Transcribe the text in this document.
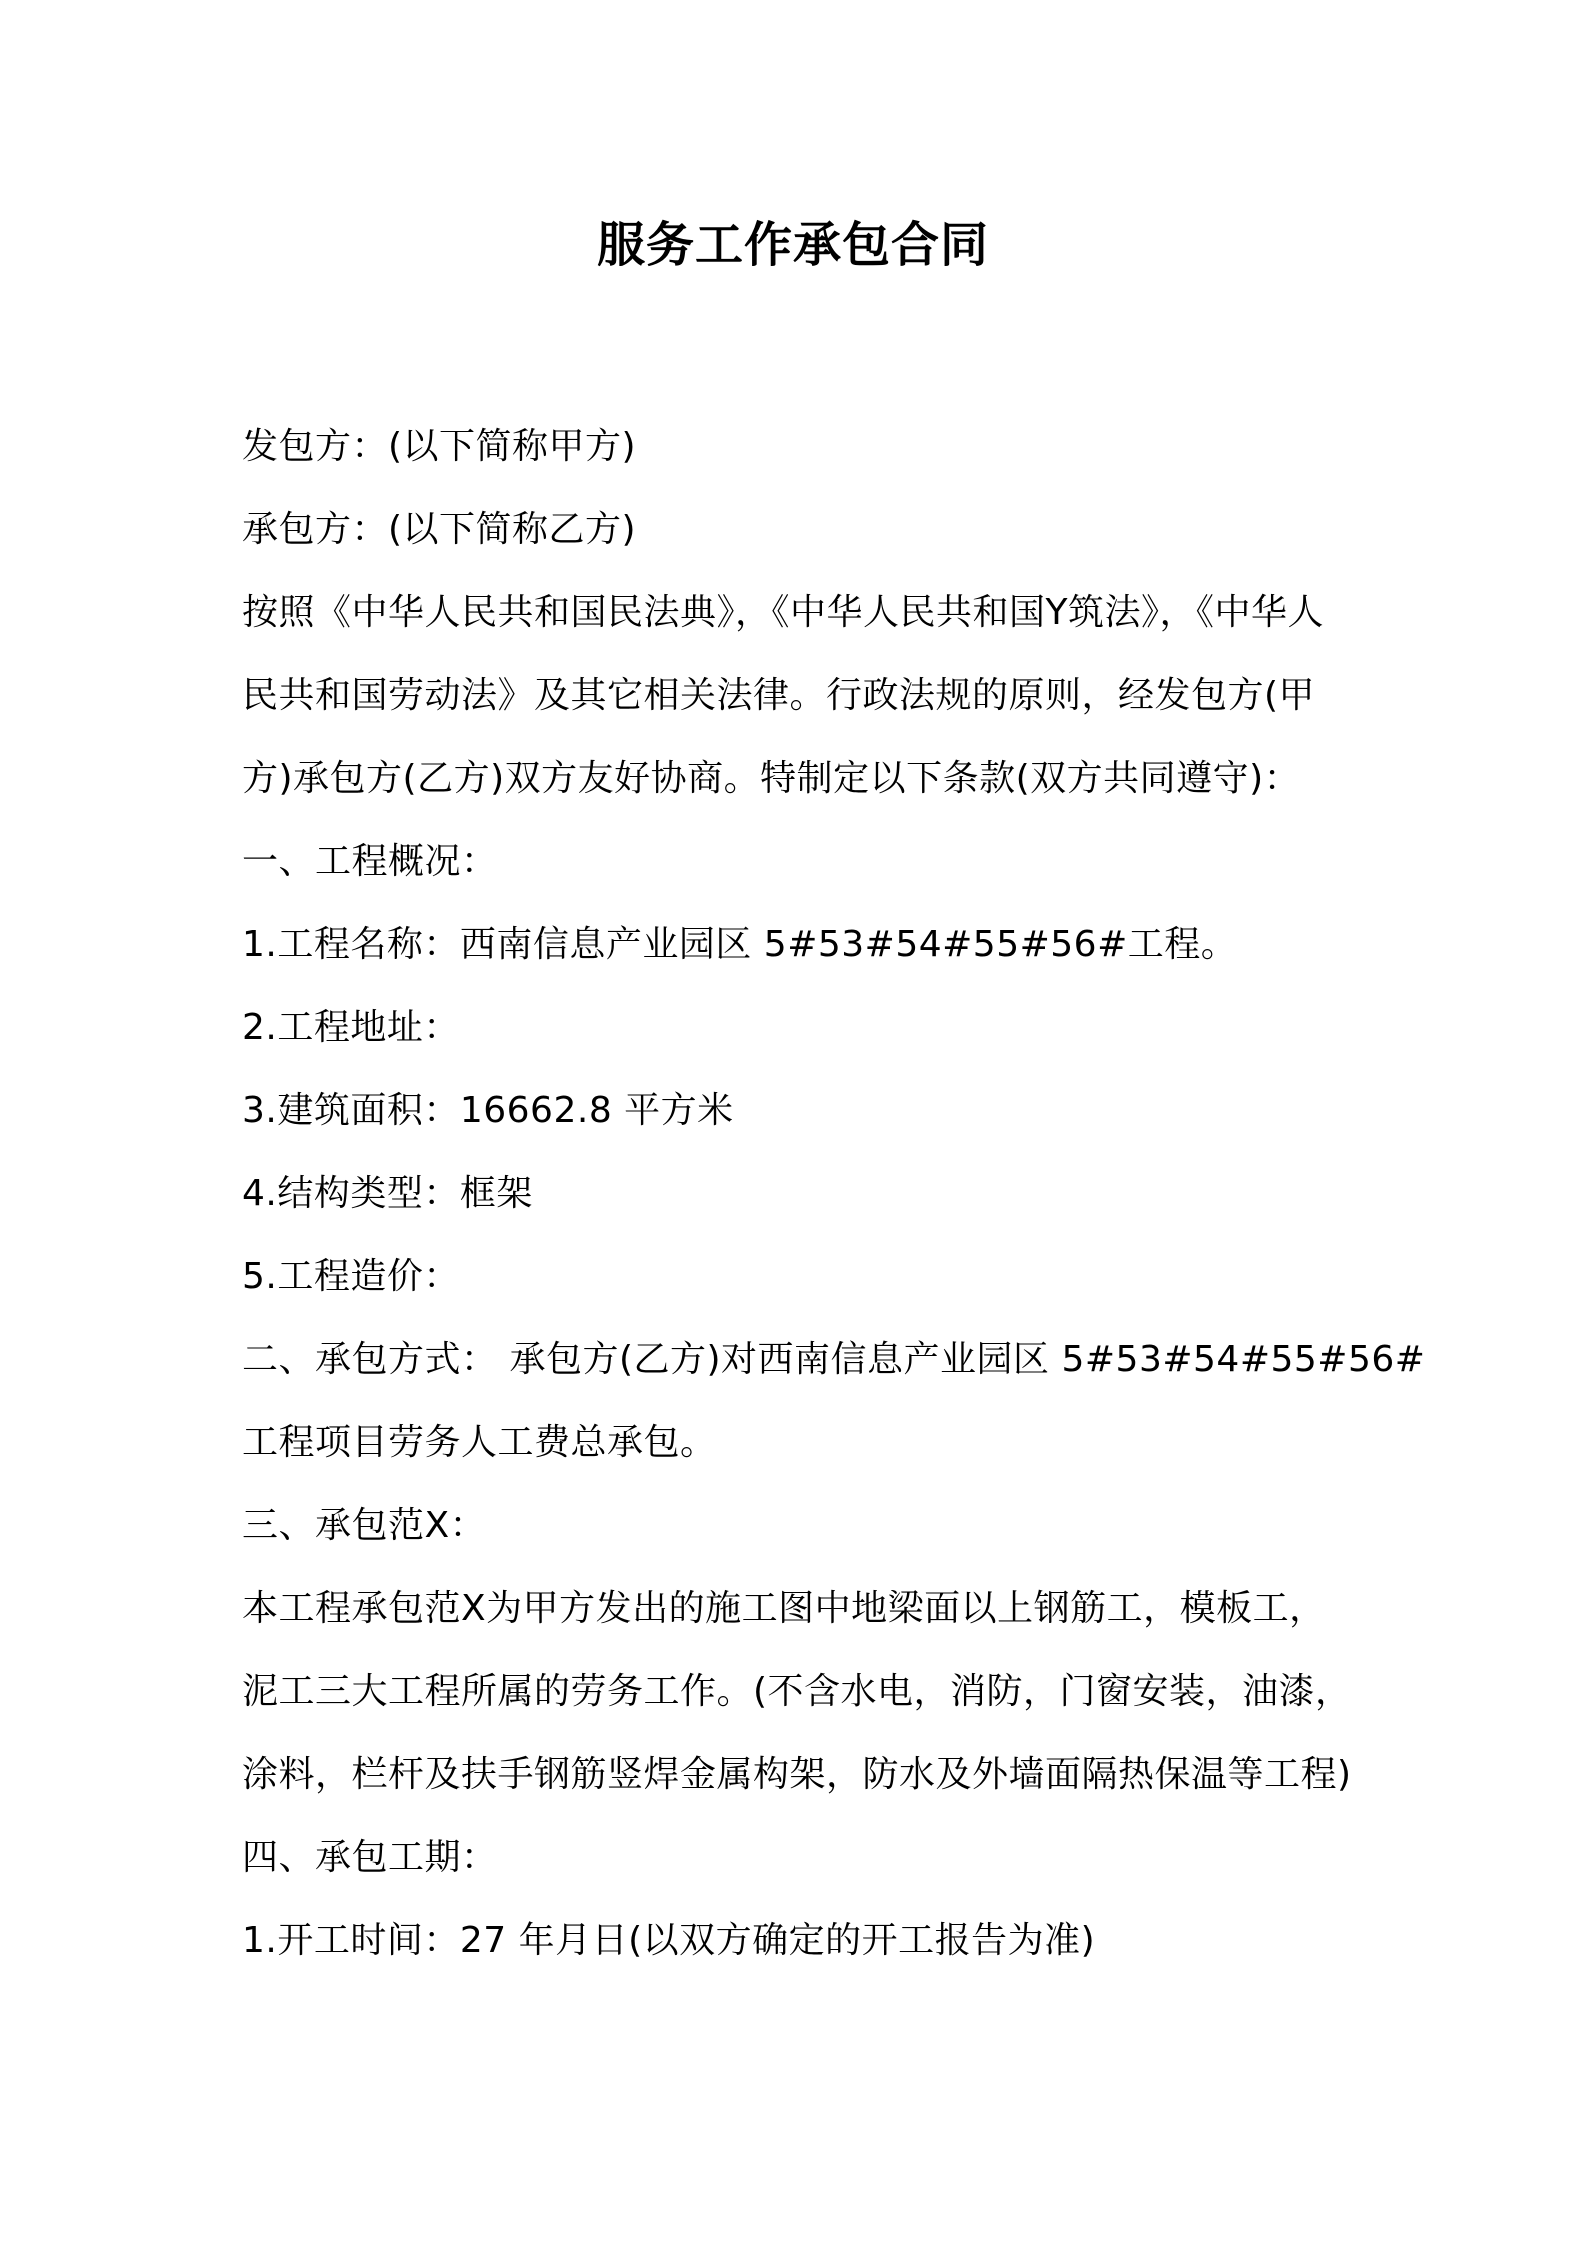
服务工作承包合同
发包方：(以下简称甲方)
承包方：(以下简称乙方)
按照《中华人民共和国民法典》，《中华人民共和国Y筑法》，《中华人
民共和国劳动法》及其它相关法律。行政法规的原则，经发包方(甲
方)承包方(乙方)双方友好协商。特制定以下条款(双方共同遵守)：
一、工程概况：
1.工程名称：西南信息产业园区 5#53#54#55#56#工程。
2.工程地址：
3.建筑面积：16662.8 平方米
4.结构类型：框架
5.工程造价：
二、承包方式： 承包方(乙方)对西南信息产业园区 5#53#54#55#56#
工程项目劳务人工费总承包。
三、承包范X：
本工程承包范X为甲方发出的施工图中地梁面以上钢筋工，模板工，
泥工三大工程所属的劳务工作。(不含水电，消防，门窗安装，油漆，
涂料，栏杆及扶手钢筋竖焊金属构架，防水及外墙面隔热保温等工程)
四、承包工期：
1.开工时间：27 年月日(以双方确定的开工报告为准)
